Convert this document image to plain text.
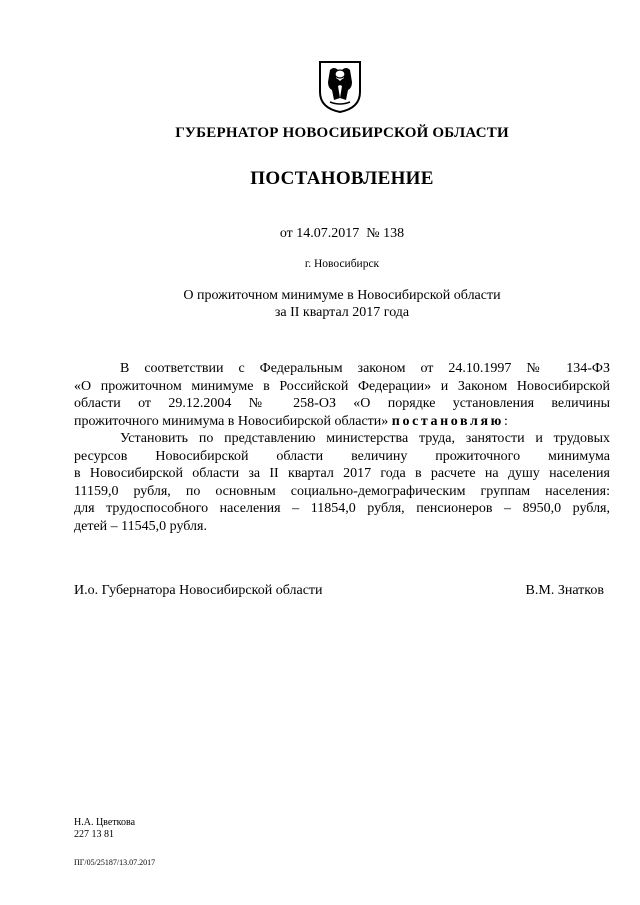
ГУБЕРНАТОР НОВОСИБИРСКОЙ ОБЛАСТИ
ПОСТАНОВЛЕНИЕ
от 14.07.2017  № 138
г. Новосибирск
О прожиточном минимуме в Новосибирской области
за II квартал 2017 года
В соответствии с Федеральным законом от 24.10.1997 № 134-ФЗ
«О прожиточном минимуме в Российской Федерации» и Законом Новосибирской
области от 29.12.2004 № 258-ОЗ «О порядке установления величины
прожиточного минимума в Новосибирской области» постановляю:
Установить по представлению министерства труда, занятости и трудовых
ресурсов Новосибирской области величину прожиточного минимума
в Новосибирской области за II квартал 2017 года в расчете на душу населения
11159,0 рубля, по основным социально-демографическим группам населения:
для трудоспособного населения – 11854,0 рубля, пенсионеров – 8950,0 рубля,
детей – 11545,0 рубля.
И.о. Губернатора Новосибирской области	В.М. Знатков
Н.А. Цветкова
227 13 81
ПГ/05/25187/13.07.2017
